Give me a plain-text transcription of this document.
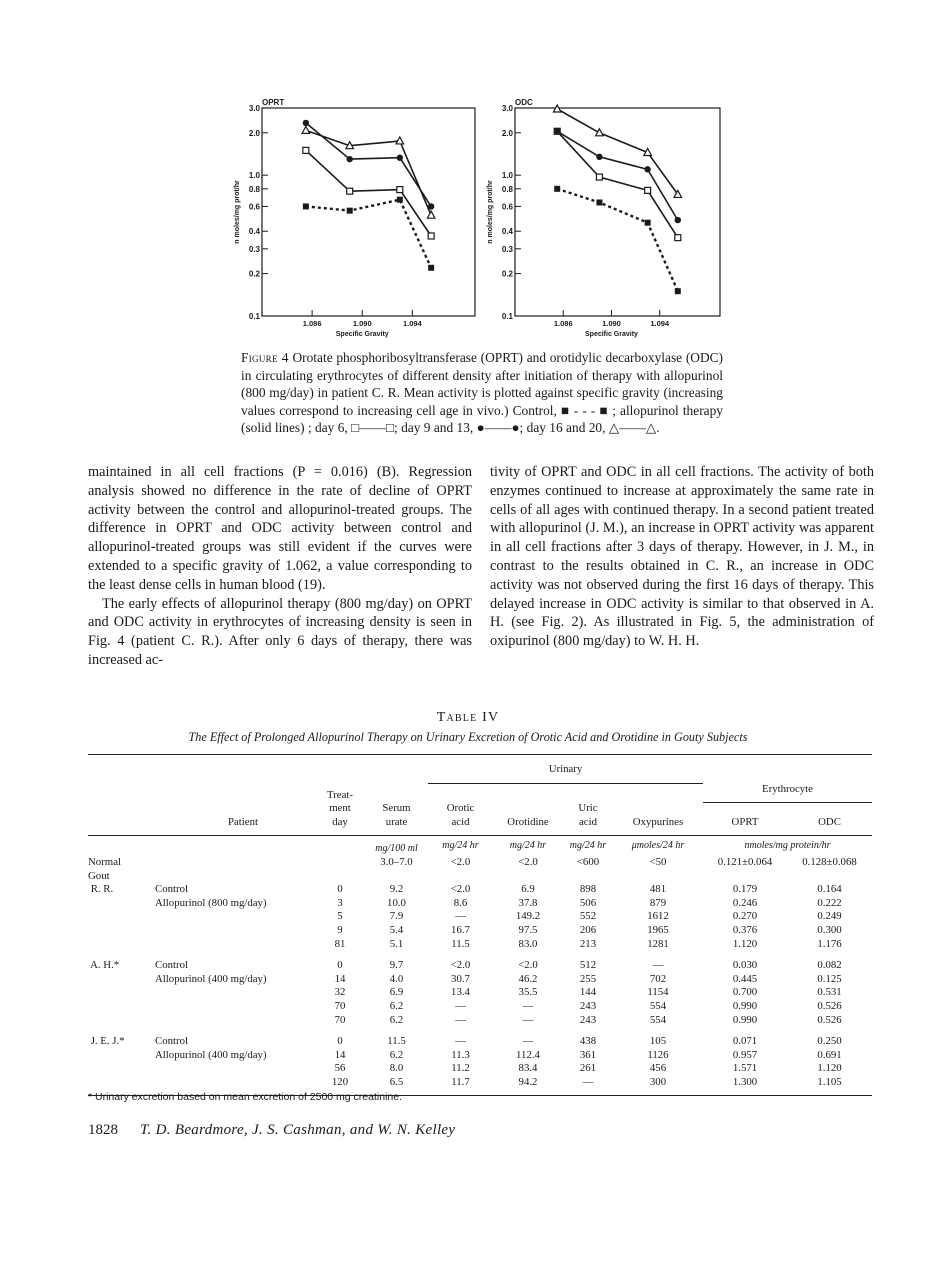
OPRT
0.1
0.2
0.3
0.4
0.6
0.8
1.0
2.0
3.0
n moles/mg prot/hr
1.086	1.090	1.094
Specific Gravity
ODC
0.1
0.2
0.3
0.4
0.6
0.8
1.0
2.0
3.0
n moles/mg prot/hr
1.086	1.090	1.094
Specific Gravity
Figure 4 Orotate phosphoribosyltransferase (OPRT) and orotidylic decarboxylase (ODC) in circulating erythrocytes of different density after initiation of therapy with allopurinol (800 mg/day) in patient C. R. Mean activity is plotted against specific gravity (increasing values correspond to increasing cell age in vivo.) Control, ■ - - - ■ ; allopurinol therapy (solid lines) ; day 6, □——□; day 9 and 13, ●——●; day 16 and 20, △——△.

maintained in all cell fractions (P = 0.016) (B). Regression analysis showed no difference in the rate of decline of OPRT activity between the control and allopurinol-treated groups. The difference in OPRT and ODC activity between control and allopurinol-treated groups was still evident if the curves were extended to a specific gravity of 1.062, a value corresponding to the least dense cells in human blood (19).

The early effects of allopurinol therapy (800 mg/day) on OPRT and ODC activity in erythrocytes of increasing density is seen in Fig. 4 (patient C. R.). After only 6 days of therapy, there was increased ac-

tivity of OPRT and ODC in all cell fractions. The activity of both enzymes continued to increase at approximately the same rate in cells of all ages with continued therapy. In a second patient treated with allopurinol (J. M.), an increase in OPRT activity was apparent in all cell fractions after 3 days of therapy. However, in J. M., in contrast to the results obtained in C. R., an increase in ODC activity was not observed during the first 16 days of therapy. This delayed increase in ODC activity is similar to that observed in A. H. (see Fig. 2). As illustrated in Fig. 5, the administration of oxipurinol (800 mg/day) to W. H. H.

Table IV
The Effect of Prolonged Allopurinol Therapy on Urinary Excretion of Orotic Acid and Orotidine in Gouty Subjects
				Urinary					
		Treat-
ment
day	Serum
urate					Erythrocyte	
	Patient			Orotic
acid	Orotidine	Uric
acid	Oxypurines	OPRT	ODC

			mg/100 ml	mg/24 hr	mg/24 hr	mg/24 hr	μmoles/24 hr	nmoles/mg protein/hr	
Normal			3.0–7.0	<2.0	<2.0	<600	<50	0.121±0.064	0.128±0.068
Gout									
R. R.	Control	0	9.2	<2.0	6.9	898	481	0.179	0.164
	Allopurinol (800 mg/day)	3	10.0	8.6	37.8	506	879	0.246	0.222
		5	7.9	—	149.2	552	1612	0.270	0.249
		9	5.4	16.7	97.5	206	1965	0.376	0.300
		81	5.1	11.5	83.0	213	1281	1.120	1.176
A. H.*	Control	0	9.7	<2.0	<2.0	512	—	0.030	0.082
	Allopurinol (400 mg/day)	14	4.0	30.7	46.2	255	702	0.445	0.125
		32	6.9	13.4	35.5	144	1154	0.700	0.531
		70	6.2	—	—	243	554	0.990	0.526
		70	6.2	—	—	243	554	0.990	0.526
J. E. J.*	Control	0	11.5	—	—	438	105	0.071	0.250
	Allopurinol (400 mg/day)	14	6.2	11.3	112.4	361	1126	0.957	0.691
		56	8.0	11.2	83.4	261	456	1.571	1.120
		120	6.5	11.7	94.2	—	300	1.300	1.105

* Urinary excretion based on mean excretion of 2500 mg creatinine.
1828 T. D. Beardmore, J. S. Cashman, and W. N. Kelley
